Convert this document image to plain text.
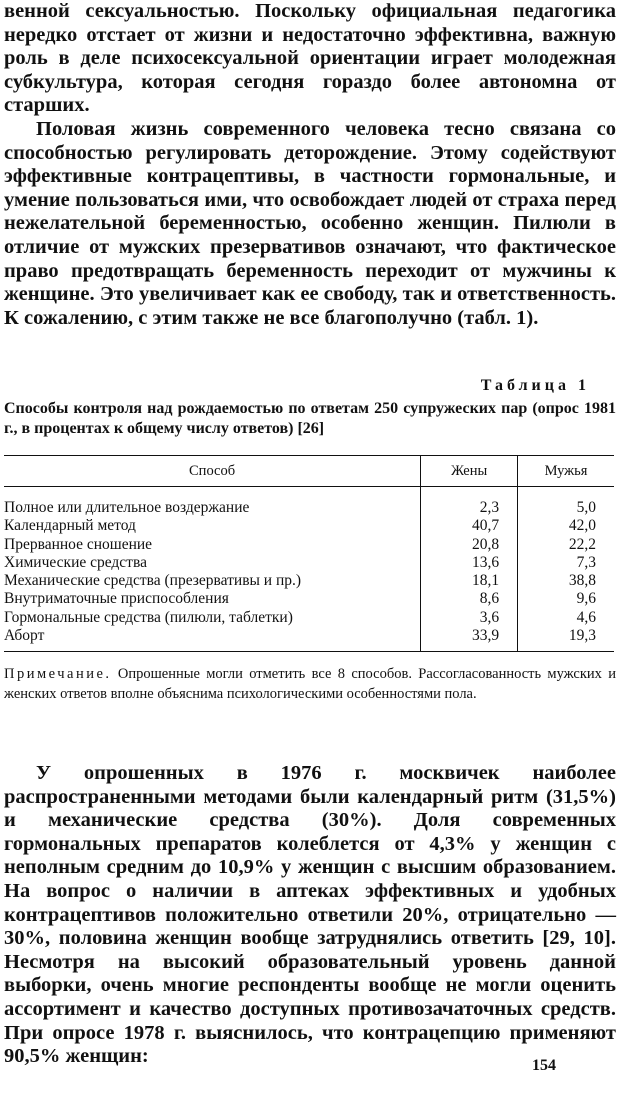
венной сексуальностью. Поскольку официальная педагогика нередко отстает от жизни и недостаточно эффективна, важную роль в деле психосексуальной ориентации играет молодежная субкультура, которая сегодня гораздо более автономна от старших.

Половая жизнь современного человека тесно связана со способностью регулировать деторождение. Этому содействуют эффективные контрацептивы, в частности гормональные, и умение пользоваться ими, что освобождает людей от страха перед нежелательной беременностью, особенно женщин. Пилюли в отличие от мужских презервативов означают, что фактическое право предотвращать беременность переходит от мужчины к женщине. Это увеличивает как ее свободу, так и ответственность. К сожалению, с этим также не все благополучно (табл. 1).

Таблица 1

Способы контроля над рождаемостью по ответам 250 супружеских пар (опрос 1981 г., в процентах к общему числу ответов) [26]

Способ	Жены	Мужья
Полное или длительное воздержание	2,3	5,0
Календарный метод	40,7	42,0
Прерванное сношение	20,8	22,2
Химические средства	13,6	7,3
Механические средства (презервативы и пр.)	18,1	38,8
Внутриматочные приспособления	8,6	9,6
Гормональные средства (пилюли, таблетки)	3,6	4,6
Аборт	33,9	19,3

Примечание. Опрошенные могли отметить все 8 способов. Рассогласованность мужских и женских ответов вполне объяснима психологическими особенностями пола.

У опрошенных в 1976 г. москвичек наиболее распространенными методами были календарный ритм (31,5%) и механические средства (30%). Доля современных гормональных препаратов колеблется от 4,3% у женщин с неполным средним до 10,9% у женщин с высшим образованием. На вопрос о наличии в аптеках эффективных и удобных контрацептивов положительно ответили 20%, отрицательно — 30%, половина женщин вообще затруднялись ответить [29, 10]. Несмотря на высокий образовательный уровень данной выборки, очень многие респонденты вообще не могли оценить ассортимент и качество доступных противозачаточных средств. При опросе 1978 г. выяснилось, что контрацепцию применяют 90,5% женщин:	154
